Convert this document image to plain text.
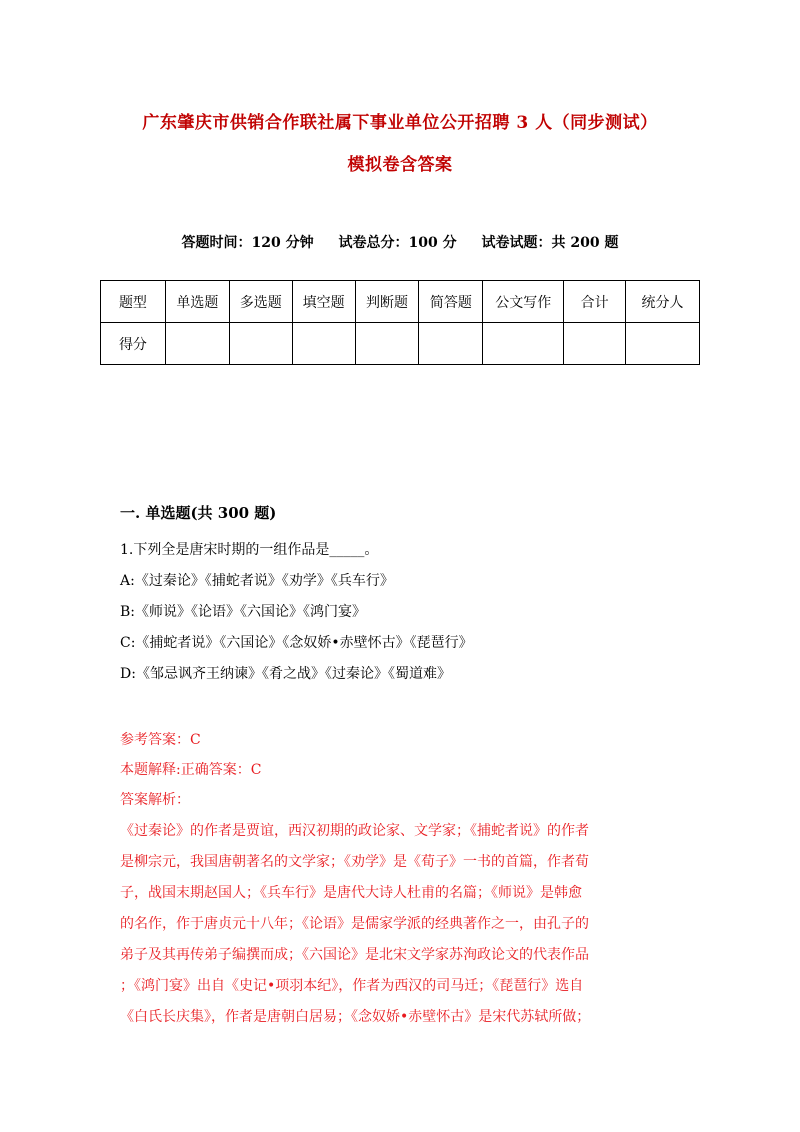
广东肇庆市供销合作联社属下事业单位公开招聘 3 人（同步测试）
模拟卷含答案
答题时间：120 分钟 试卷总分：100 分 试卷试题：共 200 题
题型	单选题	多选题	填空题	判断题	简答题	公文写作	合计	统分人
得分								
一. 单选题(共 300 题)
1.下列全是唐宋时期的一组作品是_____。
A:《过秦论》《捕蛇者说》《劝学》《兵车行》
B:《师说》《论语》《六国论》《鸿门宴》
C:《捕蛇者说》《六国论》《念奴娇•赤壁怀古》《琵琶行》
D:《邹忌讽齐王纳谏》《肴之战》《过秦论》《蜀道难》
参考答案：C
本题解释:正确答案：C
答案解析：
《过秦论》的作者是贾谊，西汉初期的政论家、文学家；《捕蛇者说》的作者
是柳宗元，我国唐朝著名的文学家；《劝学》是《荀子》一书的首篇，作者荀
子，战国末期赵国人；《兵车行》是唐代大诗人杜甫的名篇；《师说》是韩愈
的名作，作于唐贞元十八年；《论语》是儒家学派的经典著作之一，由孔子的
弟子及其再传弟子编撰而成；《六国论》是北宋文学家苏洵政论文的代表作品
；《鸿门宴》出自《史记•项羽本纪》，作者为西汉的司马迁；《琵琶行》选自
《白氏长庆集》，作者是唐朝白居易；《念奴娇•赤壁怀古》是宋代苏轼所做；
